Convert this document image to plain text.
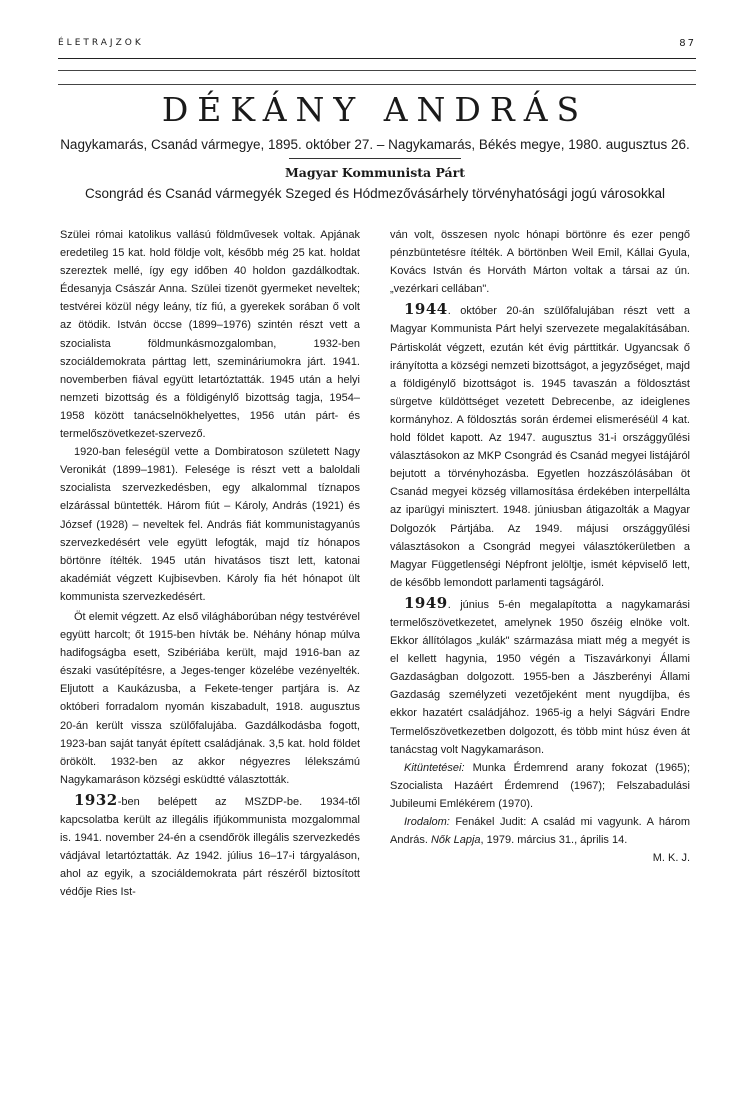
ÉLETRAJZOK	87
DÉKÁNY ANDRÁS
Nagykamarás, Csanád vármegye, 1895. október 27. – Nagykamarás, Békés megye, 1980. augusztus 26.
Magyar Kommunista Párt
Csongrád és Csanád vármegyék Szeged és Hódmezővásárhely törvényhatósági jogú városokkal

Szülei római katolikus vallású földművesek voltak. Apjának eredetileg 15 kat. hold földje volt, később még 25 kat. holdat szereztek mellé, így egy időben 40 holdon gazdálkodtak. Édesanyja Császár Anna. Szülei tizenöt gyermeket neveltek; testvérei közül négy leány, tíz fiú, a gyerekek sorában ő volt az ötödik. István öccse (1899–1976) szintén részt vett a szocialista földmunkásmozgalomban, 1932-ben szociáldemokrata párttag lett, szemináriumokra járt. 1941. novemberben fiával együtt letartóztatták. 1945 után a helyi nemzeti bizottság és a földigénylő bizottság tagja, 1954–1958 között tanácselnökhelyettes, 1956 után párt- és termelőszövetkezet-szervező.

1920-ban feleségül vette a Dombiratoson született Nagy Veronikát (1899–1981). Felesége is részt vett a baloldali szocialista szervezkedésben, egy alkalommal tíznapos elzárással büntették. Három fiút – Károly, András (1921) és József (1928) – neveltek fel. András fiát kommunistagyanús szervezkedésért vele együtt lefogták, majd tíz hónapos börtönre ítélték. 1945 után hivatásos tiszt lett, katonai akadémiát végzett Kujbisevben. Károly fia hét hónapot ült kommunista szervezkedésért.

Öt elemit végzett. Az első világháborúban négy testvérével együtt harcolt; őt 1915-ben hívták be. Néhány hónap múlva hadifogságba esett, Szibériába került, majd 1916-ban az északi vasútépítésre, a Jeges-tenger közelébe vezényelték. Eljutott a Kaukázusba, a Fekete-tenger partjára is. Az októberi forradalom nyomán kiszabadult, 1918. augusztus 20-án került vissza szülőfalujába. Gazdálkodásba fogott, 1923-ban saját tanyát épített családjának. 3,5 kat. hold földet örökölt. 1932-ben az akkor négyezres lélekszámú Nagykamaráson községi esküdtté választották.

1932-ben belépett az MSZDP-be. 1934-től kapcsolatba került az illegális ifjúkommunista mozgalommal is. 1941. november 24-én a csendőrök illegális szervezkedés vádjával letartóztatták. Az 1942. július 16–17-i tárgyaláson, ahol az egyik, a szociáldemokrata párt részéről biztosított védője Ries Ist-

ván volt, összesen nyolc hónapi börtönre és ezer pengő pénzbüntetésre ítélték. A börtönben Weil Emil, Kállai Gyula, Kovács István és Horváth Márton voltak a társai az ún. „vezérkari cellában".

1944. október 20-án szülőfalujában részt vett a Magyar Kommunista Párt helyi szervezete megalakításában. Pártiskolát végzett, ezután két évig párttitkár. Ugyancsak ő irányította a községi nemzeti bizottságot, a jegyzőséget, majd a földigénylő bizottságot is. 1945 tavaszán a földosztást sürgetve küldöttséget vezetett Debrecenbe, az ideiglenes kormányhoz. A földosztás során érdemei elismeréséül 4 kat. hold földet kapott. Az 1947. augusztus 31-i országgyűlési választásokon az MKP Csongrád és Csanád megyei listájáról bejutott a törvényhozásba. Egyetlen hozzászólásában öt Csanád megyei község villamosítása érdekében interpellálta az iparügyi minisztert. 1948. júniusban átigazolták a Magyar Dolgozók Pártjába. Az 1949. májusi országgyűlési választásokon a Csongrád megyei választókerületben a Magyar Függetlenségi Népfront jelöltje, ismét képviselő lett, de később lemondott parlamenti tagságáról.

1949. június 5-én megalapította a nagykamarási termelőszövetkezetet, amelynek 1950 őszéig elnöke volt. Ekkor állítólagos „kulák" származása miatt még a megyét is el kellett hagynia, 1950 végén a Tiszavárkonyi Állami Gazdaságban dolgozott. 1955-ben a Jászberényi Állami Gazdaság személyzeti vezetőjeként ment nyugdíjba, és ekkor hazatért családjához. 1965-ig a helyi Ságvári Endre Termelőszövetkezetben dolgozott, és több mint húsz éven át tanácstag volt Nagykamaráson.

Kitüntetései: Munka Érdemrend arany fokozat (1965); Szocialista Hazáért Érdemrend (1967); Felszabadulási Jubileumi Emlékérem (1970).

Irodalom: Fenákel Judit: A család mi vagyunk. A három András. Nők Lapja, 1979. március 31., április 14.

M. K. J.
